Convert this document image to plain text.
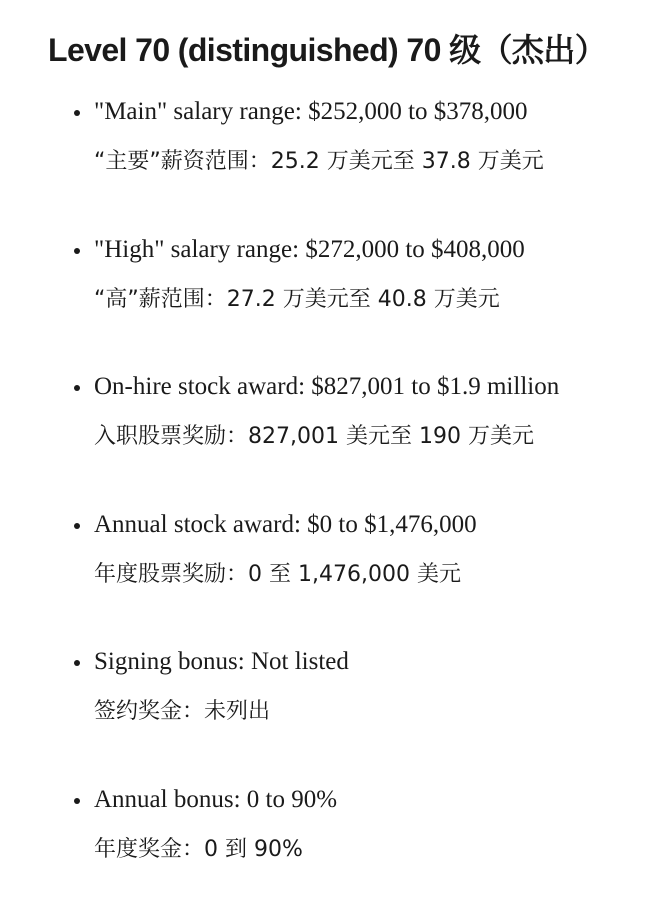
Level 70 (distinguished) 70 级（杰出）

"Main" salary range: $252,000 to $378,000

“主要”薪资范围：25.2 万美元至 37.8 万美元

"High" salary range: $272,000 to $408,000

“高”薪范围：27.2 万美元至 40.8 万美元

On-hire stock award: $827,001 to $1.9 million

入职股票奖励：827,001 美元至 190 万美元

Annual stock award: $0 to $1,476,000

年度股票奖励：0 至 1,476,000 美元

Signing bonus: Not listed

签约奖金：未列出

Annual bonus: 0 to 90%

年度奖金：0 到 90%
